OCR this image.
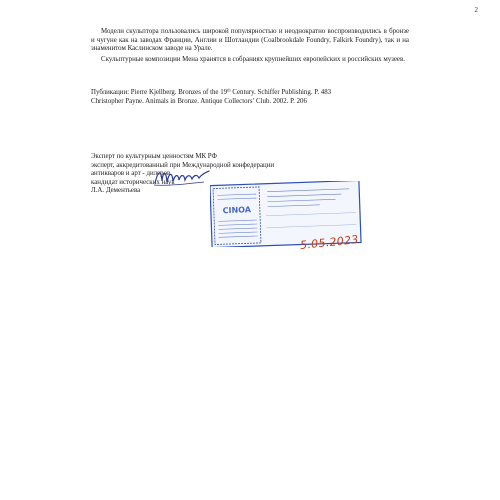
2
Модели скульптора пользовались широкой популярностью и неоднократно воспроизводились в бронзе и чугуне как на заводах Франции, Англии и Шотландии (Coalbrookdale Foundry, Falkirk Foundry), так и на знаменитом Каслинском заводе на Урале.
Скульптурные композиции Мена хранятся в собраниях крупнейших европейских и российских музеев.
Публикации: Pierre Kjellberg. Bronzes of the 19th Century. Schiffer Publishing. P. 483
Christopher Payne. Animals in Bronze. Antique Collectors’ Club. 2002. P. 206
Эксперт по культурным ценностям МК РФ
эксперт, аккредитованный при Международной конфедерации
антикваров и арт - дилеров
кандидат исторических наук
Л.А. Дементьева
CINOA
5.05.2023
